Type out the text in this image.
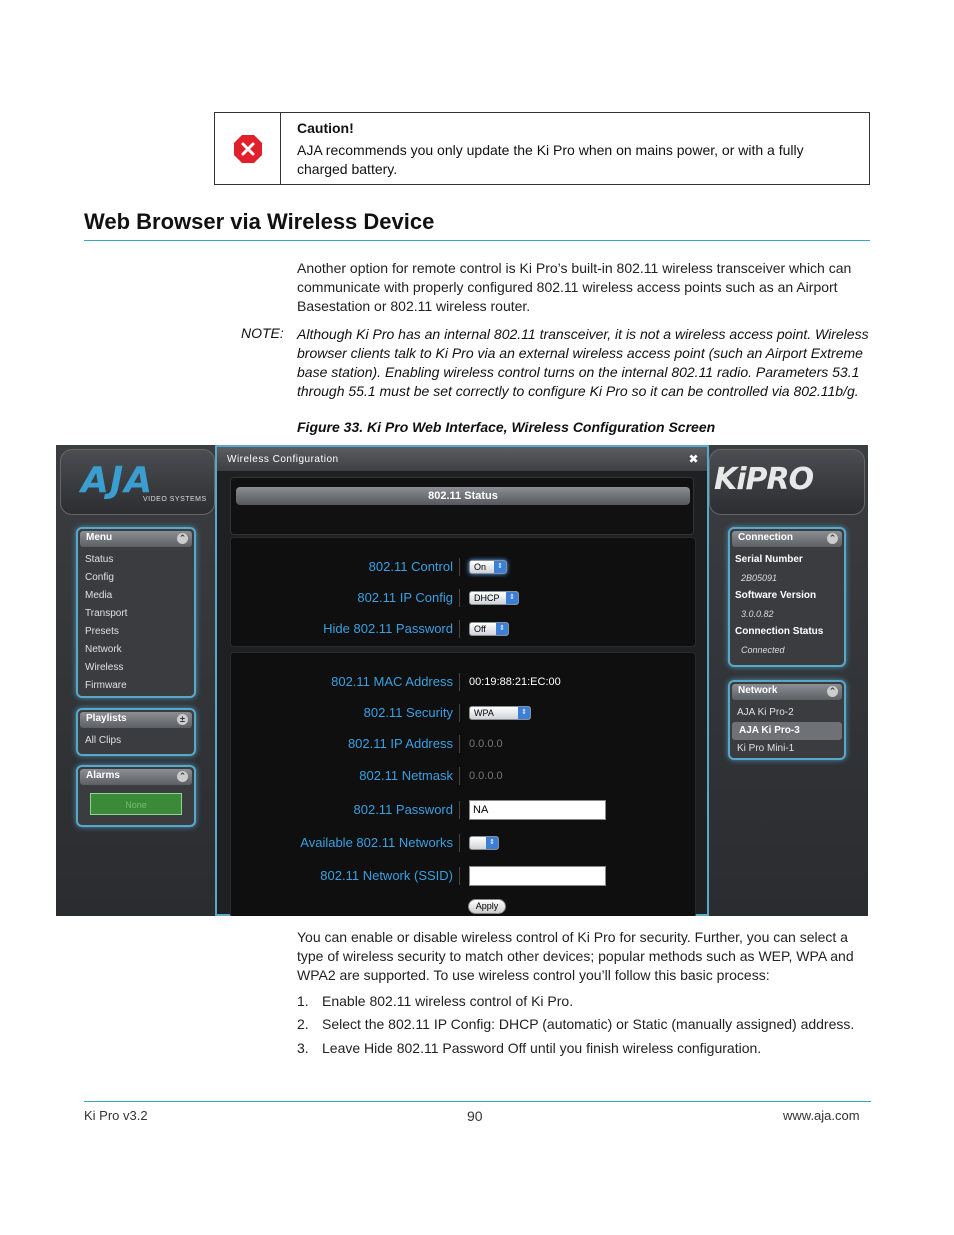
Caution!
AJA recommends you only update the Ki Pro when on mains power, or with a fully charged battery.
Web Browser via Wireless Device
Another option for remote control is Ki Pro’s built-in 802.11 wireless transceiver which can communicate with properly configured 802.11 wireless access points such as an Airport Basestation or 802.11 wireless router.
NOTE: Although Ki Pro has an internal 802.11 transceiver, it is not a wireless access point. Wireless browser clients talk to Ki Pro via an external wireless access point (such an Airport Extreme base station). Enabling wireless control turns on the internal 802.11 radio. Parameters 53.1 through 55.1 must be set correctly to configure Ki Pro so it can be controlled via 802.11b/g.
Figure 33. Ki Pro Web Interface, Wireless Configuration Screen
AJA
VIDEO SYSTEMS
KiPRO
Menu	⌃
Status
Config
Media
Transport
Presets
Network
Wireless
Firmware
Playlists	±
All Clips
Alarms	⌃
None
Wireless Configuration	✖
802.11 Status
802.11 Control	On	⇕
802.11 IP Config	DHCP	⇕
Hide 802.11 Password	Off	⇕
802.11 MAC Address 00:19:88:21:EC:00
802.11 Security	WPA	⇕
802.11 IP Address 0.0.0.0
802.11 Netmask 0.0.0.0
802.11 Password	NA
Available 802.11 Networks	⇕
802.11 Network (SSID)
Apply
Connection	⌃
Serial Number
2B05091
Software Version
3.0.0.82
Connection Status
Connected
Network	⌃
AJA Ki Pro-2
AJA Ki Pro-3
Ki Pro Mini-1
You can enable or disable wireless control of Ki Pro for security. Further, you can select a type of wireless security to match other devices; popular methods such as WEP, WPA and WPA2 are supported. To use wireless control you’ll follow this basic process:
1. Enable 802.11 wireless control of Ki Pro.
2. Select the 802.11 IP Config: DHCP (automatic) or Static (manually assigned) address.
3. Leave Hide 802.11 Password Off until you finish wireless configuration.
Ki Pro v3.2	90	www.aja.com
